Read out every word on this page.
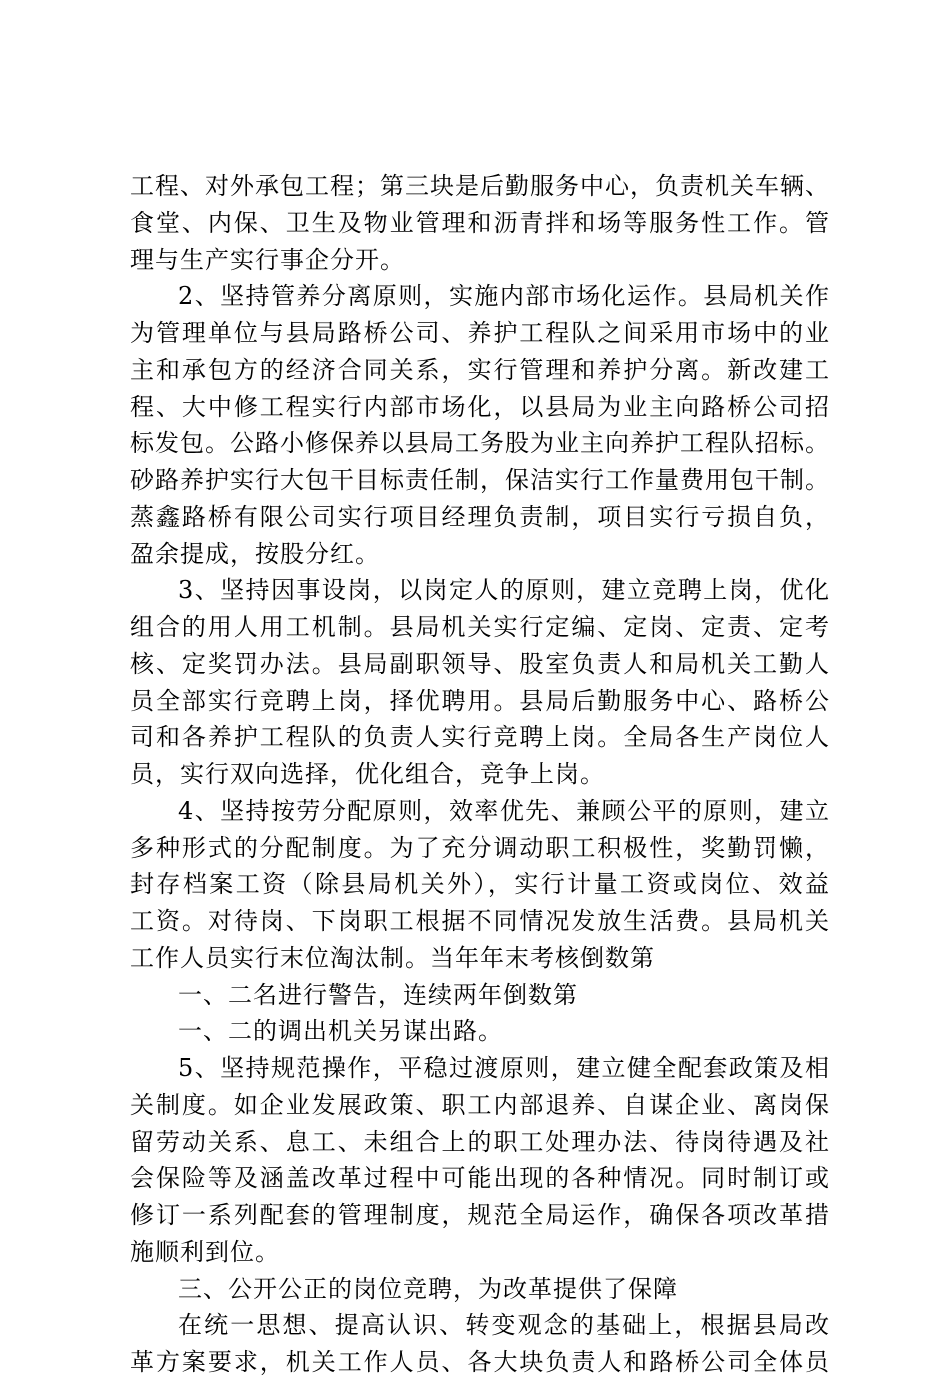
工程、对外承包工程；第三块是后勤服务中心，负责机关车辆、
食堂、内保、卫生及物业管理和沥青拌和场等服务性工作。管
理与生产实行事企分开。
2、坚持管养分离原则，实施内部市场化运作。县局机关作
为管理单位与县局路桥公司、养护工程队之间采用市场中的业
主和承包方的经济合同关系，实行管理和养护分离。新改建工
程、大中修工程实行内部市场化，以县局为业主向路桥公司招
标发包。公路小修保养以县局工务股为业主向养护工程队招标。
砂路养护实行大包干目标责任制，保洁实行工作量费用包干制。
蒸鑫路桥有限公司实行项目经理负责制，项目实行亏损自负，
盈余提成，按股分红。
3、坚持因事设岗，以岗定人的原则，建立竞聘上岗，优化
组合的用人用工机制。县局机关实行定编、定岗、定责、定考
核、定奖罚办法。县局副职领导、股室负责人和局机关工勤人
员全部实行竞聘上岗，择优聘用。县局后勤服务中心、路桥公
司和各养护工程队的负责人实行竞聘上岗。全局各生产岗位人
员，实行双向选择，优化组合，竞争上岗。
4、坚持按劳分配原则，效率优先、兼顾公平的原则，建立
多种形式的分配制度。为了充分调动职工积极性，奖勤罚懒，
封存档案工资（除县局机关外），实行计量工资或岗位、效益
工资。对待岗、下岗职工根据不同情况发放生活费。县局机关
工作人员实行末位淘汰制。当年年末考核倒数第
一、二名进行警告，连续两年倒数第
一、二的调出机关另谋出路。
5、坚持规范操作，平稳过渡原则，建立健全配套政策及相
关制度。如企业发展政策、职工内部退养、自谋企业、离岗保
留劳动关系、息工、未组合上的职工处理办法、待岗待遇及社
会保险等及涵盖改革过程中可能出现的各种情况。同时制订或
修订一系列配套的管理制度，规范全局运作，确保各项改革措
施顺利到位。
三、公开公正的岗位竞聘，为改革提供了保障
在统一思想、提高认识、转变观念的基础上，根据县局改
革方案要求，机关工作人员、各大块负责人和路桥公司全体员
